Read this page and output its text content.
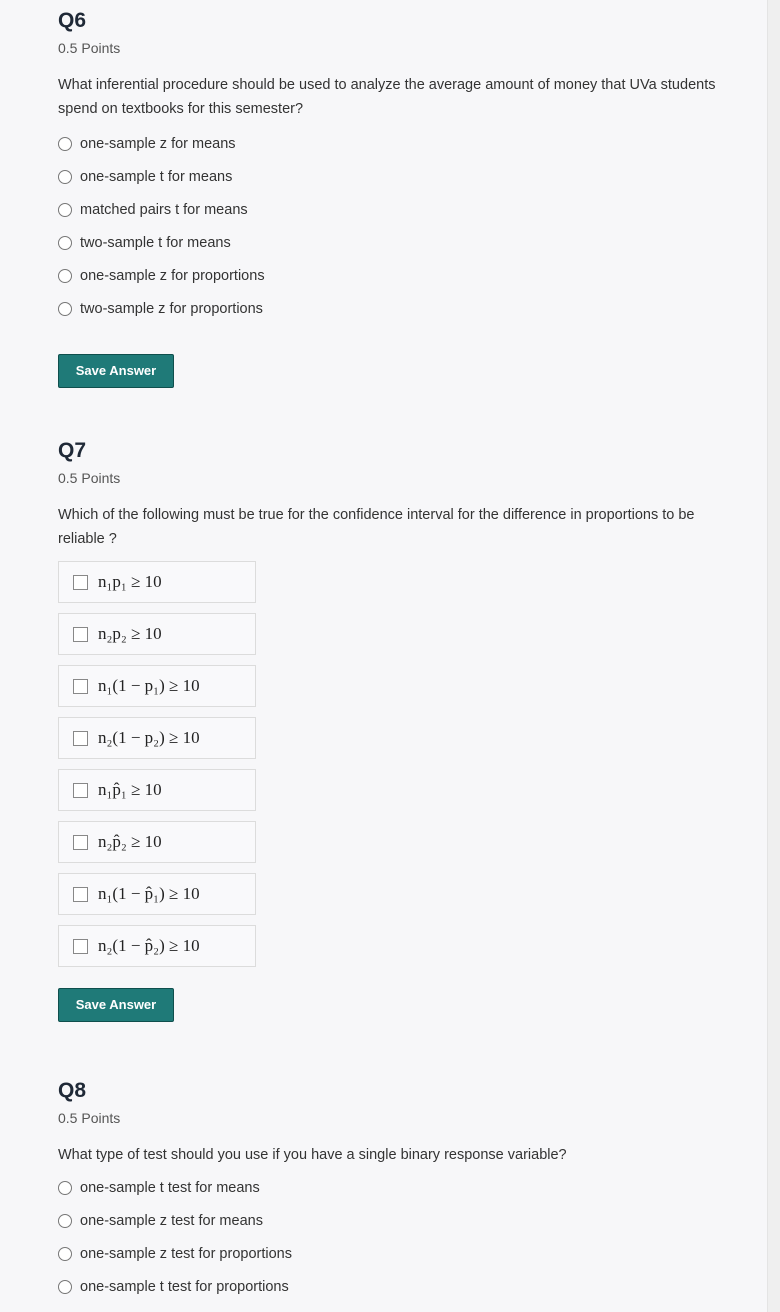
Q6
0.5 Points
What inferential procedure should be used to analyze the average amount of money that UVa students spend on textbooks for this semester?
one-sample z for means
one-sample t for means
matched pairs t for means
two-sample t for means
one-sample z for proportions
two-sample z for proportions
Save Answer
Q7
0.5 Points
Which of the following must be true for the confidence interval for the difference in proportions to be reliable ?
n₁p₁ ≥ 10
n₂p₂ ≥ 10
n₁(1 − p₁) ≥ 10
n₂(1 − p₂) ≥ 10
n₁p̂₁ ≥ 10
n₂p̂₂ ≥ 10
n₁(1 − p̂₁) ≥ 10
n₂(1 − p̂₂) ≥ 10
Save Answer
Q8
0.5 Points
What type of test should you use if you have a single binary response variable?
one-sample t test for means
one-sample z test for means
one-sample z test for proportions
one-sample t test for proportions
